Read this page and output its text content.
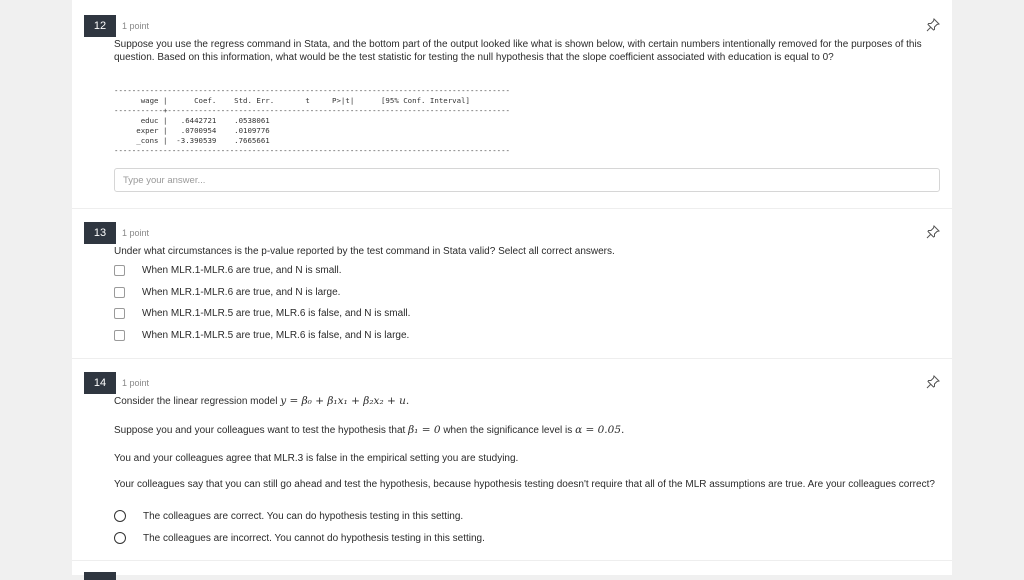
12	1 point
Suppose you use the regress command in Stata, and the bottom part of the output looked like what is shown below, with certain numbers intentionally removed for the purposes of this question. Based on this information, what would be the test statistic for testing the null hypothesis that the slope coefficient associated with education is equal to 0?
-----------------------------------------------------------------------------------------
wage |      Coef.    Std. Err.       t     P>|t|      [95% Conf. Interval]
-----------+-----------------------------------------------------------------------------
educ |   .6442721    .0538061
exper |   .0700954    .0109776
_cons |  -3.390539    .7665661
-----------------------------------------------------------------------------------------
Type your answer...
13	1 point
Under what circumstances is the p-value reported by the test command in Stata valid? Select all correct answers.
When MLR.1-MLR.6 are true, and N is small.
When MLR.1-MLR.6 are true, and N is large.
When MLR.1-MLR.5 are true, MLR.6 is false, and N is small.
When MLR.1-MLR.5 are true, MLR.6 is false, and N is large.
14	1 point
Consider the linear regression model y = β₀ + β₁x₁ + β₂x₂ + u.
Suppose you and your colleagues want to test the hypothesis that β₁ = 0 when the significance level is α = 0.05.
You and your colleagues agree that MLR.3 is false in the empirical setting you are studying.
Your colleagues say that you can still go ahead and test the hypothesis, because hypothesis testing doesn't require that all of the MLR assumptions are true. Are your colleagues correct?
The colleagues are correct. You can do hypothesis testing in this setting.
The colleagues are incorrect. You cannot do hypothesis testing in this setting.
